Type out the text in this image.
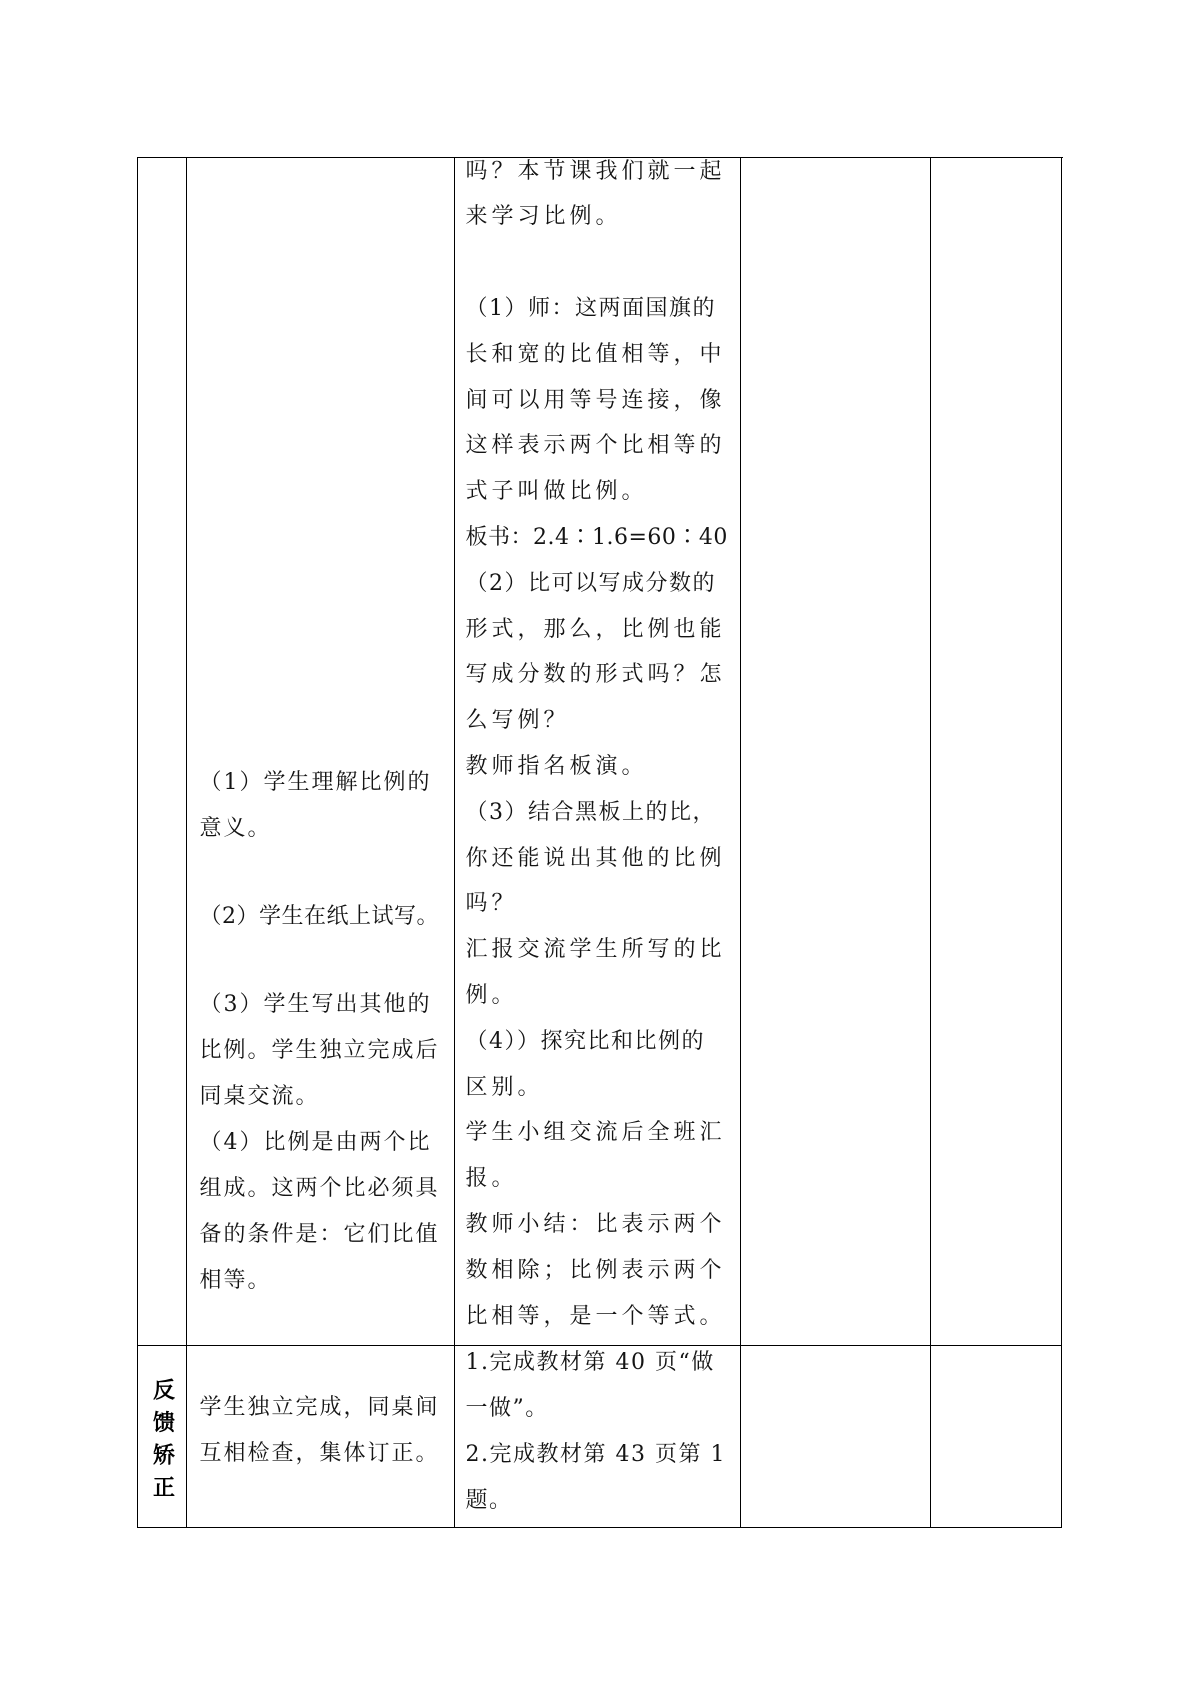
（1）学生理解比例的
意义。
（2）学生在纸上试写。
（3）学生写出其他的
比例。学生独立完成后
同桌交流。
（4）比例是由两个比
组成。这两个比必须具
备的条件是：它们比值
相等。
吗？本节课我们就一起
来学习比例。
（1）师：这两面国旗的
长和宽的比值相等，中
间可以用等号连接，像
这样表示两个比相等的
式子叫做比例。
板书：2.4∶1.6=60∶40
（2）比可以写成分数的
形式，那么，比例也能
写成分数的形式吗？怎
么写例？
教师指名板演。
（3）结合黑板上的比，
你还能说出其他的比例
吗？
汇报交流学生所写的比
例。
（4））探究比和比例的
区别。
学生小组交流后全班汇
报。
教师小结：比表示两个
数相除；比例表示两个
比相等，是一个等式。
反馈矫正 学生独立完成，同桌间
互相检查，集体订正。
1.完成教材第 40 页“做
一做”。
2.完成教材第 43 页第 1
题。
